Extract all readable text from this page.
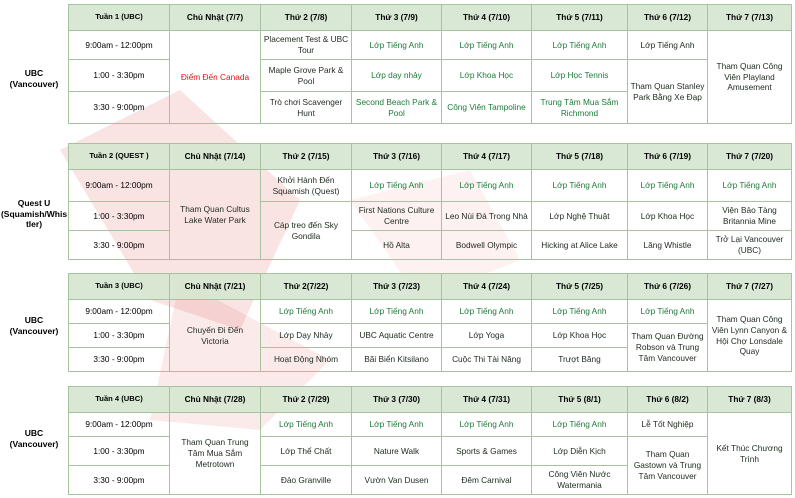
UBC
(Vancouver)
Tuần 1 (UBC)	Chủ Nhật (7/7)	Thứ 2 (7/8)	Thứ 3 (7/9)	Thứ 4 (7/10)	Thứ 5 (7/11)	Thứ 6 (7/12)	Thứ 7 (7/13)
9:00am - 12:00pm	Điểm Đến Canada	Placement Test & UBC Tour	Lớp Tiếng Anh	Lớp Tiếng Anh	Lớp Tiếng Anh	Lớp Tiếng Anh	Tham Quan Công Viên Playland Amusement
1:00 - 3:30pm		Maple Grove Park & Pool	Lớp dạy nhảy	Lớp Khoa Học	Lớp Học Tennis	Tham Quan Stanley Park Bằng Xe Đạp	
3:30 - 9:00pm		Trò chơi Scavenger Hunt	Second Beach Park & Pool	Công Viên Tampoline	Trung Tâm Mua Sắm Richmond		
Quest U
(Squamish/Whis
tler)
Tuần 2 (QUEST )	Chủ Nhật (7/14)	Thứ 2 (7/15)	Thứ 3 (7/16)	Thứ 4 (7/17)	Thứ 5 (7/18)	Thứ 6 (7/19)	Thứ 7 (7/20)
9:00am - 12:00pm	Tham Quan Cultus Lake Water Park	Khởi Hành Đến Squamish (Quest)	Lớp Tiếng Anh	Lớp Tiếng Anh	Lớp Tiếng Anh	Lớp Tiếng Anh	Lớp Tiếng Anh
1:00 - 3:30pm		Cáp treo đến Sky Gondila	First Nations Culture Centre	Leo Núi Đá Trong Nhà	Lớp Nghệ Thuật	Lớp Khoa Học	Viện Bảo Tàng Britannia Mine
3:30 - 9:00pm			Hồ Alta	Bodwell Olympic	Hicking at Alice Lake	Lăng Whistle	Trở Lại Vancouver (UBC)
UBC
(Vancouver)
Tuần 3 (UBC)	Chủ Nhật (7/21)	Thứ 2(7/22)	Thứ 3 (7/23)	Thứ 4 (7/24)	Thứ 5 (7/25)	Thứ 6 (7/26)	Thứ 7 (7/27)
9:00am - 12:00pm	Chuyến Đi Đến Victoria	Lớp Tiếng Anh	Lớp Tiếng Anh	Lớp Tiếng Anh	Lớp Tiếng Anh	Lớp Tiếng Anh	Tham Quan Công Viên Lynn Canyon & Hội Chợ Lonsdale Quay
1:00 - 3:30pm		Lớp Dạy Nhảy	UBC Aquatic Centre	Lớp Yoga	Lớp Khoa Học	Tham Quan Đường Robson và Trung Tâm Vancouver	
3:30 - 9:00pm		Hoạt Động Nhóm	Bãi Biển Kitsilano	Cuộc Thi Tài Năng	Trượt Băng		
UBC
(Vancouver)
Tuần 4 (UBC)	Chủ Nhật (7/28)	Thứ 2 (7/29)	Thứ 3 (7/30)	Thứ 4 (7/31)	Thứ 5 (8/1)	Thứ 6 (8/2)	Thứ 7 (8/3)
9:00am - 12:00pm	Tham Quan Trung Tâm Mua Sắm Metrotown	Lớp Tiếng Anh	Lớp Tiếng Anh	Lớp Tiếng Anh	Lớp Tiếng Anh	Lễ Tốt Nghiệp	Kết Thúc Chương Trình
1:00 - 3:30pm		Lớp Thể Chất	Nature Walk	Sports & Games	Lớp Diễn Kịch	Tham Quan Gastown và Trung Tâm Vancouver	
3:30 - 9:00pm		Đảo Granville	Vườn Van Dusen	Đêm Carnival	Công Viên Nước Watermania		
